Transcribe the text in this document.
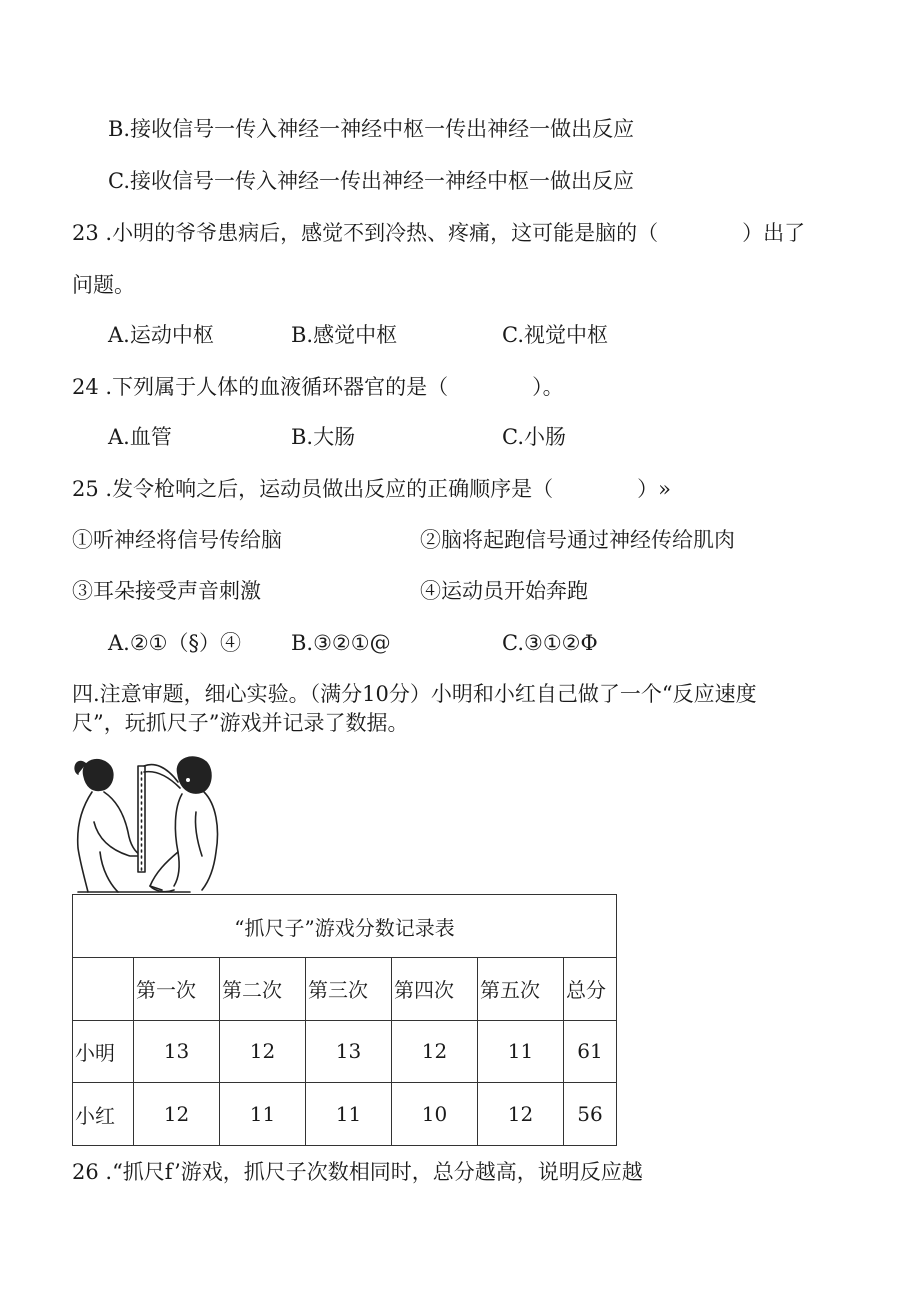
B.接收信号一传入神经一神经中枢一传出神经一做出反应
C.接收信号一传入神经一传出神经一神经中枢一做出反应
23 .小明的爷爷患病后，感觉不到冷热、疼痛，这可能是脑的（　　　　）出了
问题。
A.运动中枢	B.感觉中枢	C.视觉中枢
24 .下列属于人体的血液循环器官的是（　　　　）。
A.血管	B.大肠	C.小肠
25 .发令枪响之后，运动员做出反应的正确顺序是（　　　　）»
①听神经将信号传给脑	②脑将起跑信号通过神经传给肌肉
③耳朵接受声音刺激	④运动员开始奔跑
A.②①（§）④ B.③②①@	C.③①②Φ
四.注意审题，细心实验。（满分10分）小明和小红自己做了一个“反应速度
尺”，玩抓尺子”游戏并记录了数据。
“抓尺子”游戏分数记录表						
	第一次	第二次	第三次	第四次	第五次	总分
小明	13	12	13	12	11	61
小红	12	11	11	10	12	56
26 .“抓尺f’游戏，抓尺子次数相同时，总分越高，说明反应越
